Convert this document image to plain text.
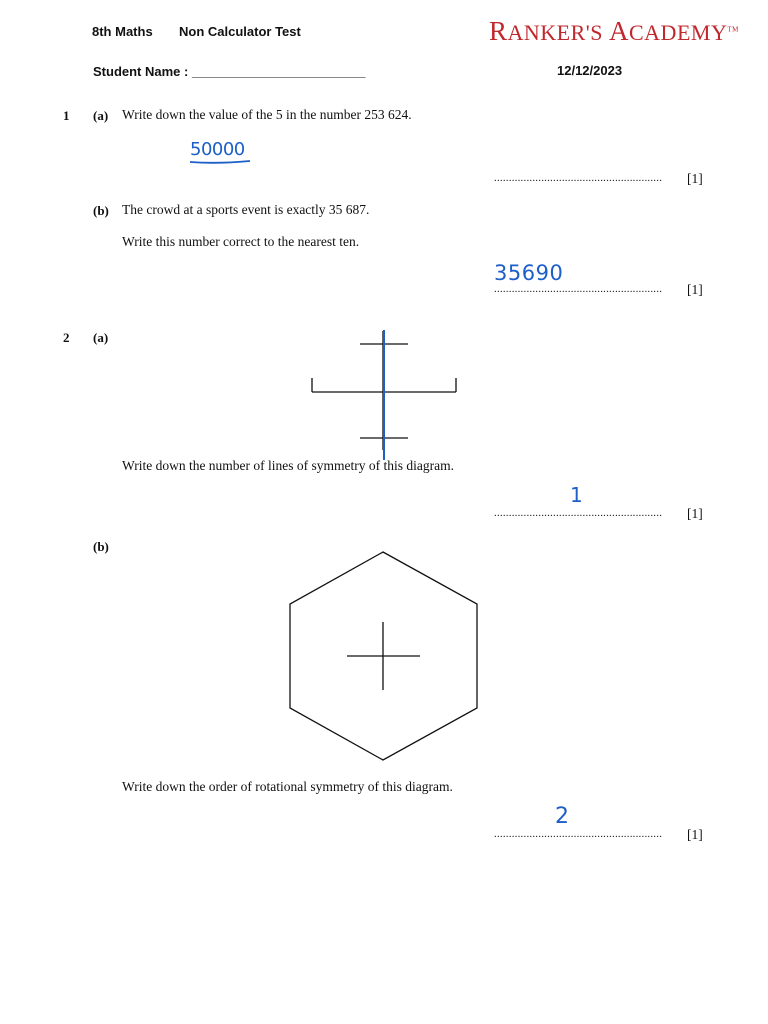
8th Maths Non Calculator Test	RANKER'S ACADEMY™
Student Name : ________________________	12/12/2023
1 (a) Write down the value of the 5 in the number 253 624.
50000
.........................................................	[1]
(b) The crowd at a sports event is exactly 35 687.
Write this number correct to the nearest ten.
35690
.........................................................	[1]
2 (a)
Write down the number of lines of symmetry of this diagram.
1
.........................................................	[1]
(b)
Write down the order of rotational symmetry of this diagram.
2
.........................................................	[1]
